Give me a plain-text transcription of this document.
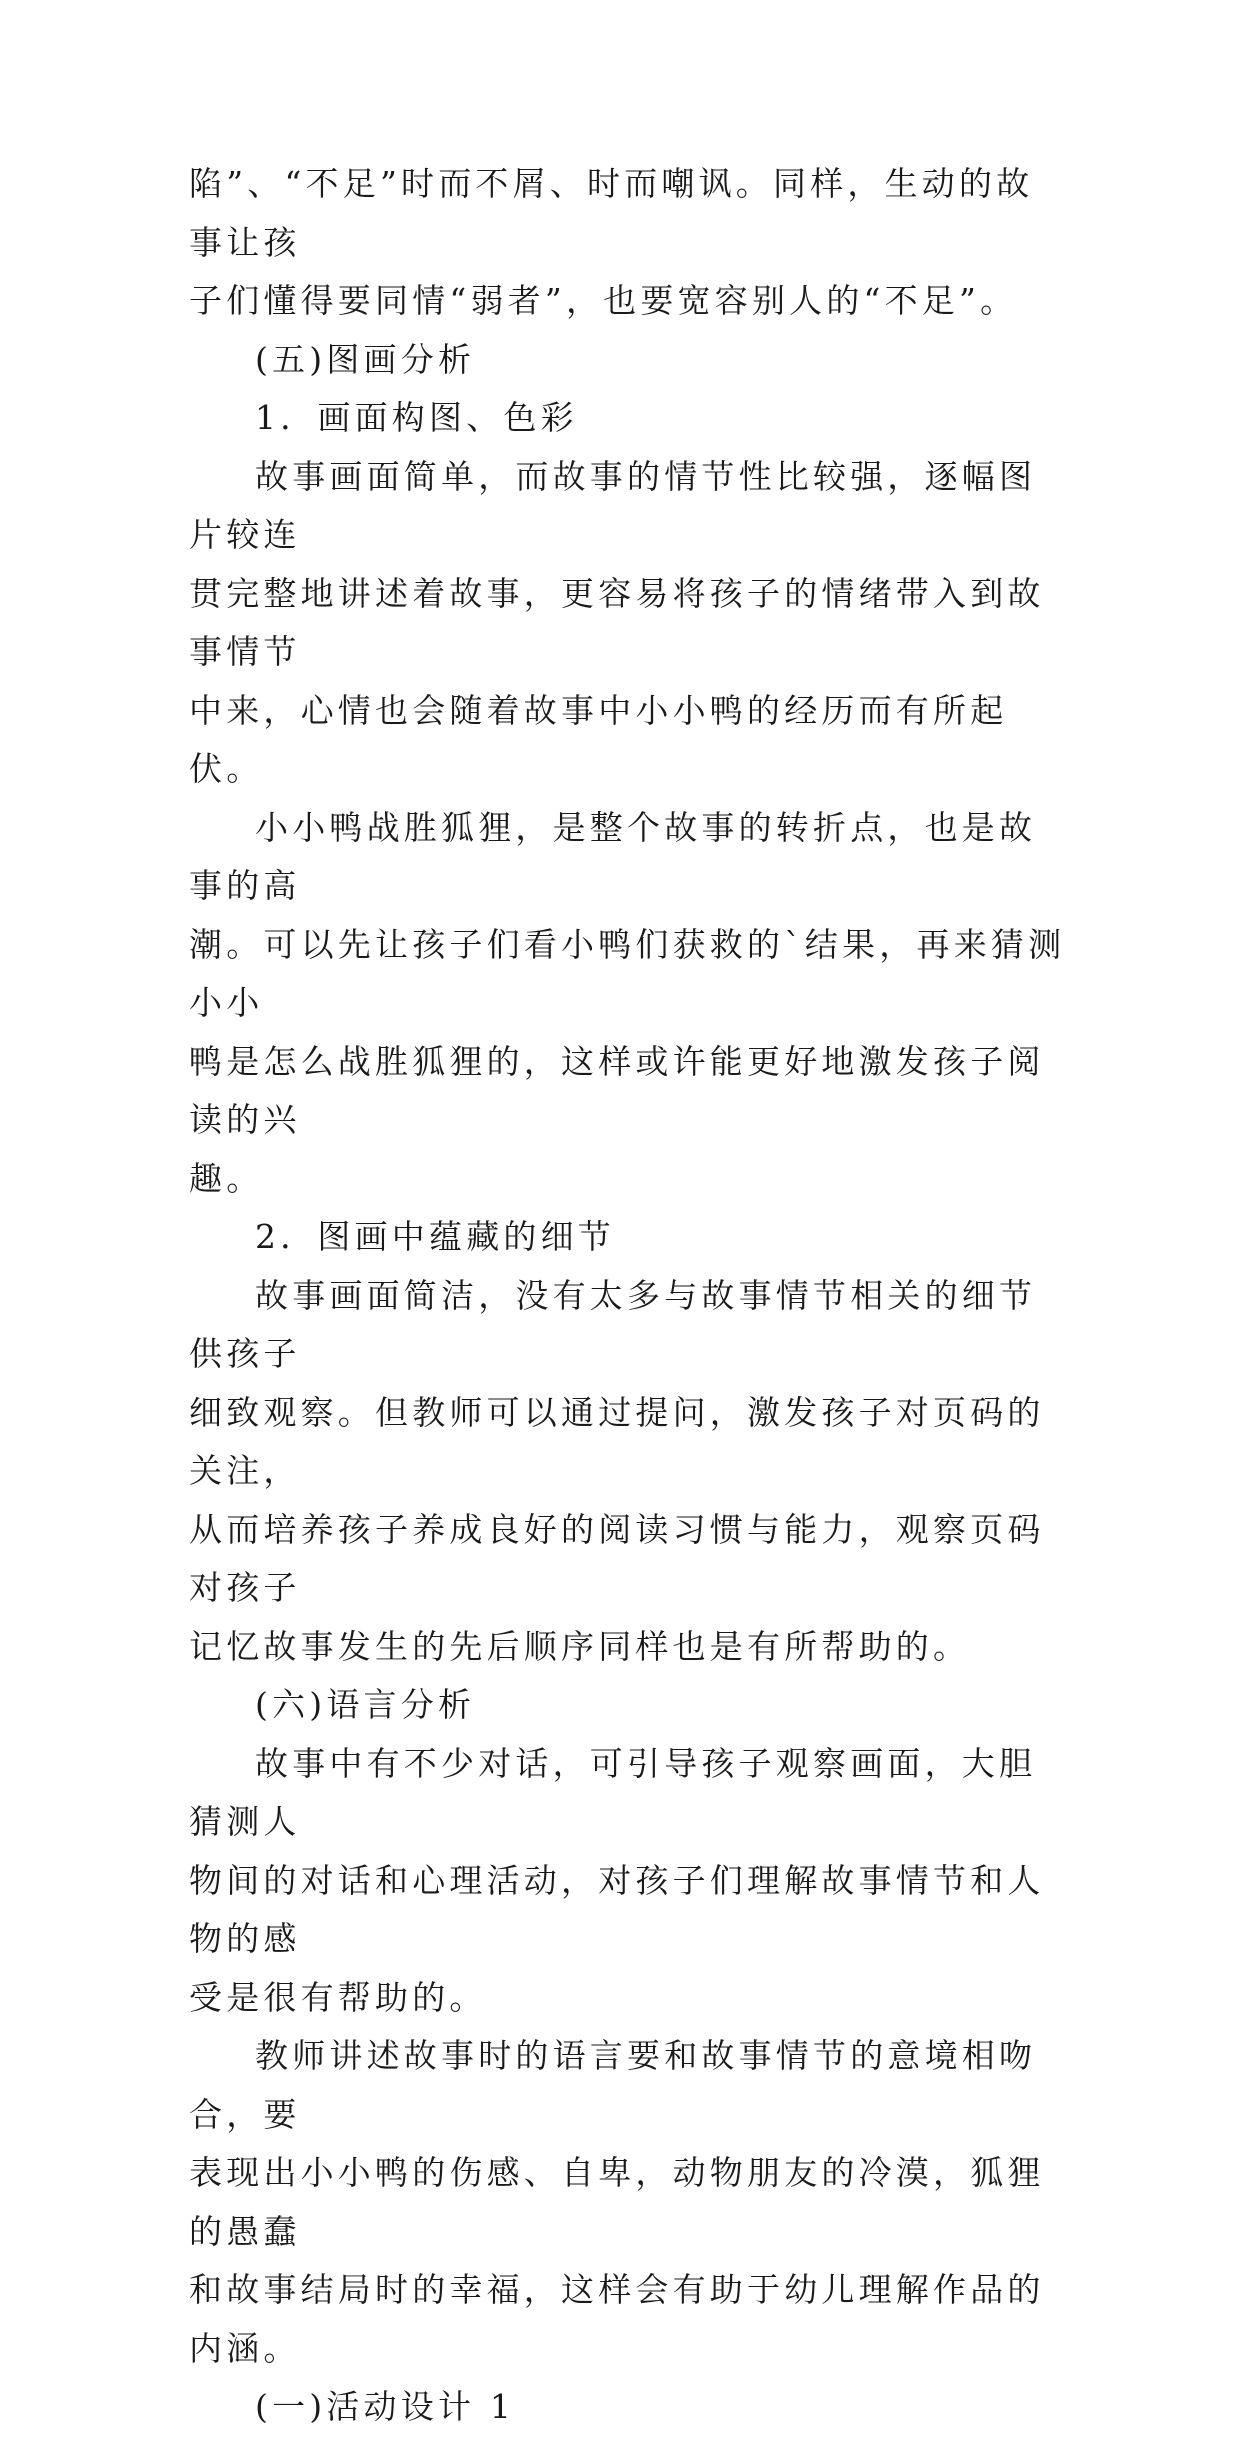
陷”、“不足”时而不屑、时而嘲讽。同样，生动的故事让孩
子们懂得要同情“弱者”，也要宽容别人的“不足”。

(五)图画分析

1．画面构图、色彩

故事画面简单，而故事的情节性比较强，逐幅图片较连
贯完整地讲述着故事，更容易将孩子的情绪带入到故事情节
中来，心情也会随着故事中小小鸭的经历而有所起伏。

小小鸭战胜狐狸，是整个故事的转折点，也是故事的高
潮。可以先让孩子们看小鸭们获救的`结果，再来猜测小小
鸭是怎么战胜狐狸的，这样或许能更好地激发孩子阅读的兴
趣。

2．图画中蕴藏的细节

故事画面简洁，没有太多与故事情节相关的细节供孩子
细致观察。但教师可以通过提问，激发孩子对页码的关注，
从而培养孩子养成良好的阅读习惯与能力，观察页码对孩子
记忆故事发生的先后顺序同样也是有所帮助的。

(六)语言分析

故事中有不少对话，可引导孩子观察画面，大胆猜测人
物间的对话和心理活动，对孩子们理解故事情节和人物的感
受是很有帮助的。

教师讲述故事时的语言要和故事情节的意境相吻合，要
表现出小小鸭的伤感、自卑，动物朋友的冷漠，狐狸的愚蠢
和故事结局时的幸福，这样会有助于幼儿理解作品的内涵。

(一)活动设计 1
